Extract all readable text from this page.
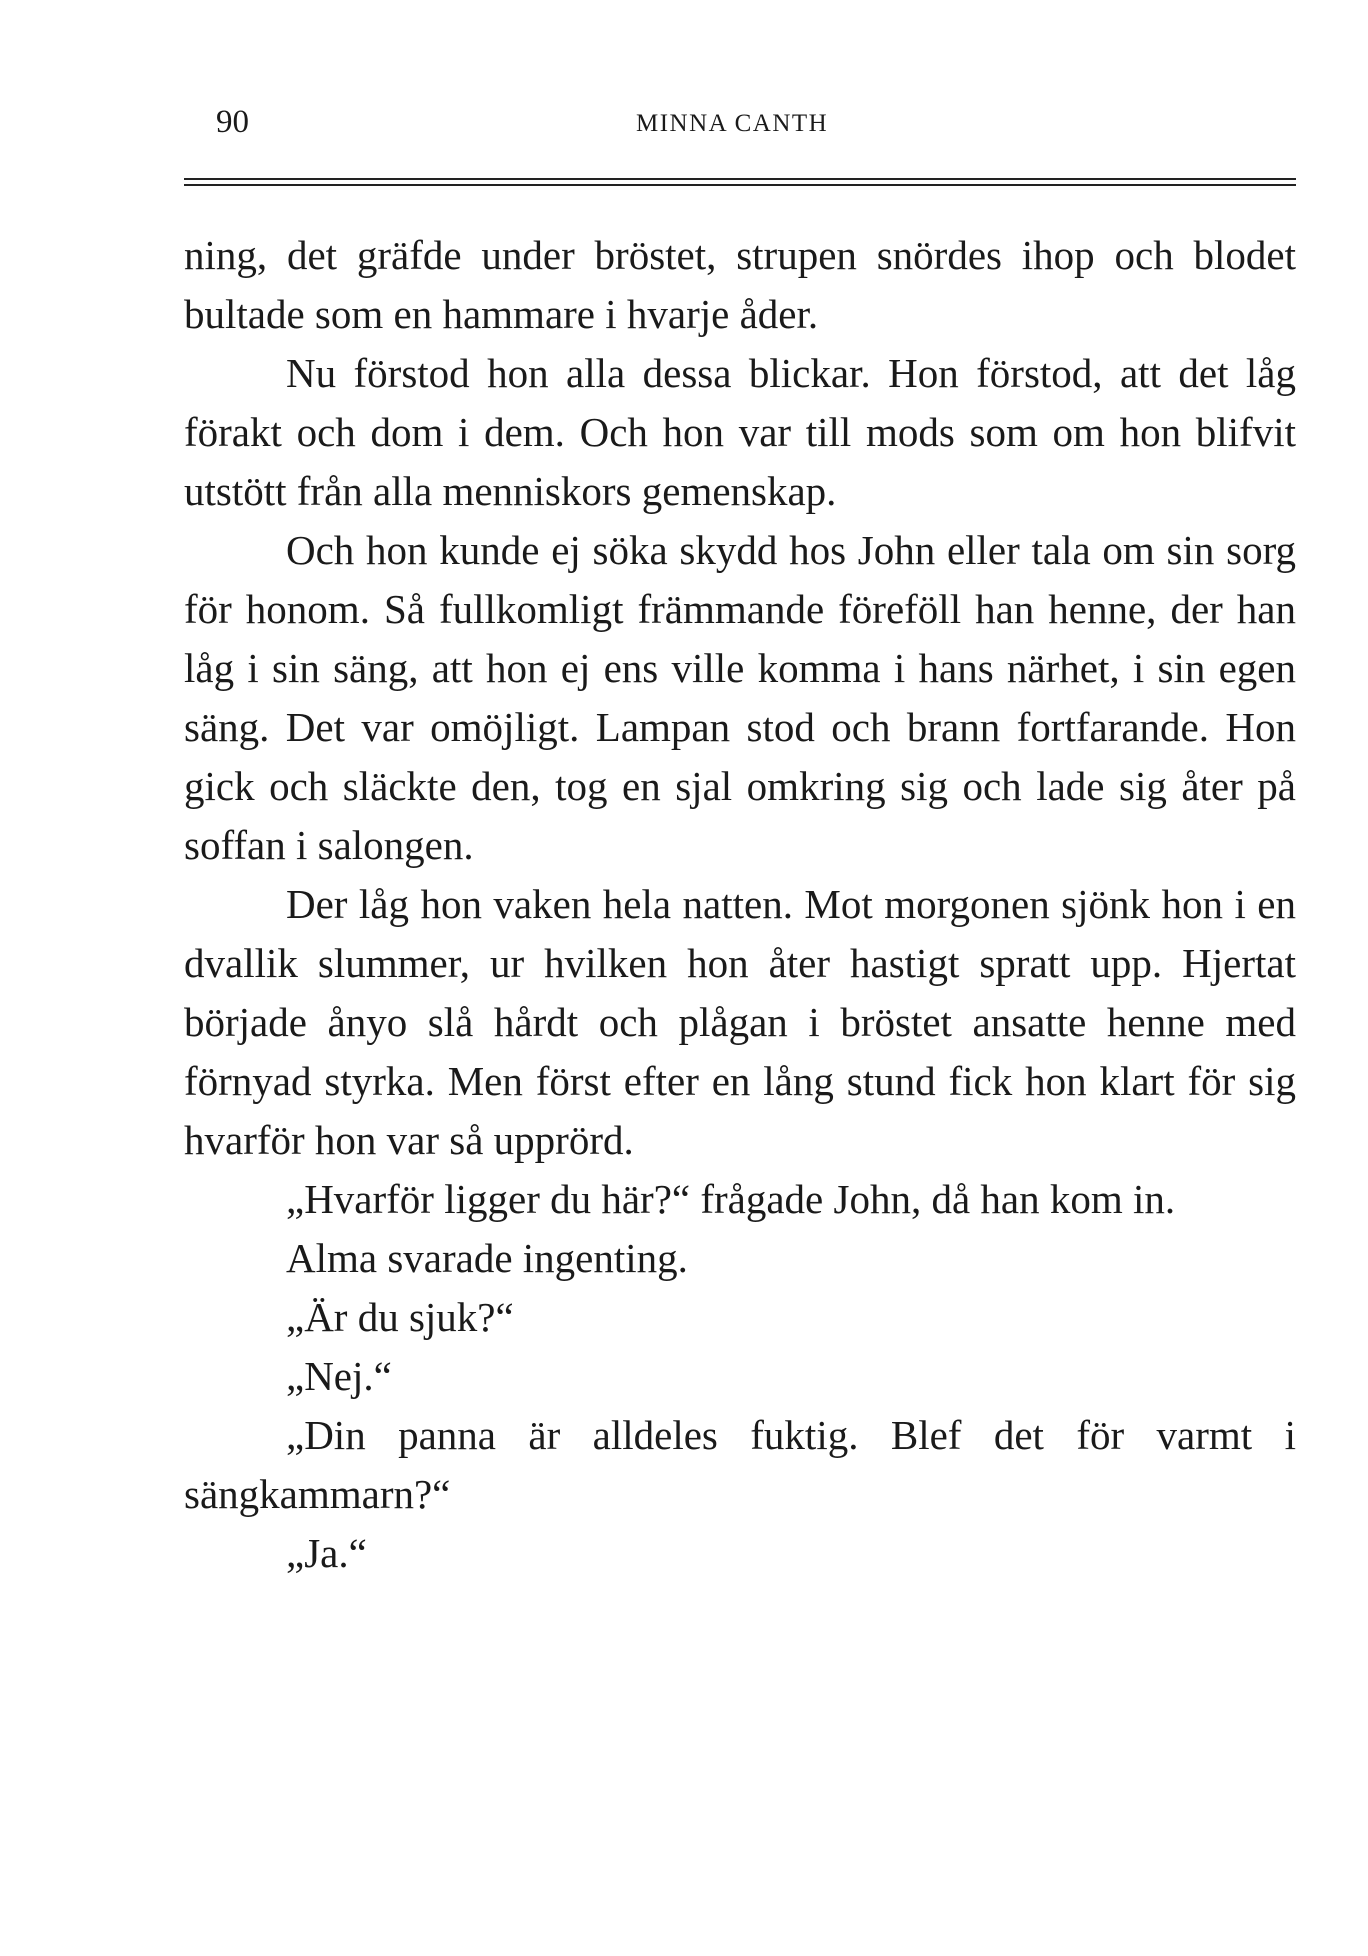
90	MINNA CANTH

ning, det gräfde under bröstet, strupen snördes ihop och blodet bultade som en hammare i hvarje åder.

Nu förstod hon alla dessa blickar. Hon förstod, att det låg förakt och dom i dem. Och hon var till mods som om hon blifvit utstött från alla menniskors gemenskap.

Och hon kunde ej söka skydd hos John eller tala om sin sorg för honom. Så fullkomligt främmande föreföll han henne, der han låg i sin säng, att hon ej ens ville komma i hans närhet, i sin egen säng. Det var omöjligt. Lampan stod och brann fortfarande. Hon gick och släckte den, tog en sjal omkring sig och lade sig åter på soffan i salongen.

Der låg hon vaken hela natten. Mot morgonen sjönk hon i en dvallik slummer, ur hvilken hon åter hastigt spratt upp. Hjertat började ånyo slå hårdt och plågan i bröstet ansatte henne med förnyad styrka. Men först efter en lång stund fick hon klart för sig hvarför hon var så upprörd.

„Hvarför ligger du här?“ frågade John, då han kom in.

Alma svarade ingenting.

„Är du sjuk?“

„Nej.“

„Din panna är alldeles fuktig. Blef det för varmt i sängkammarn?“

„Ja.“
